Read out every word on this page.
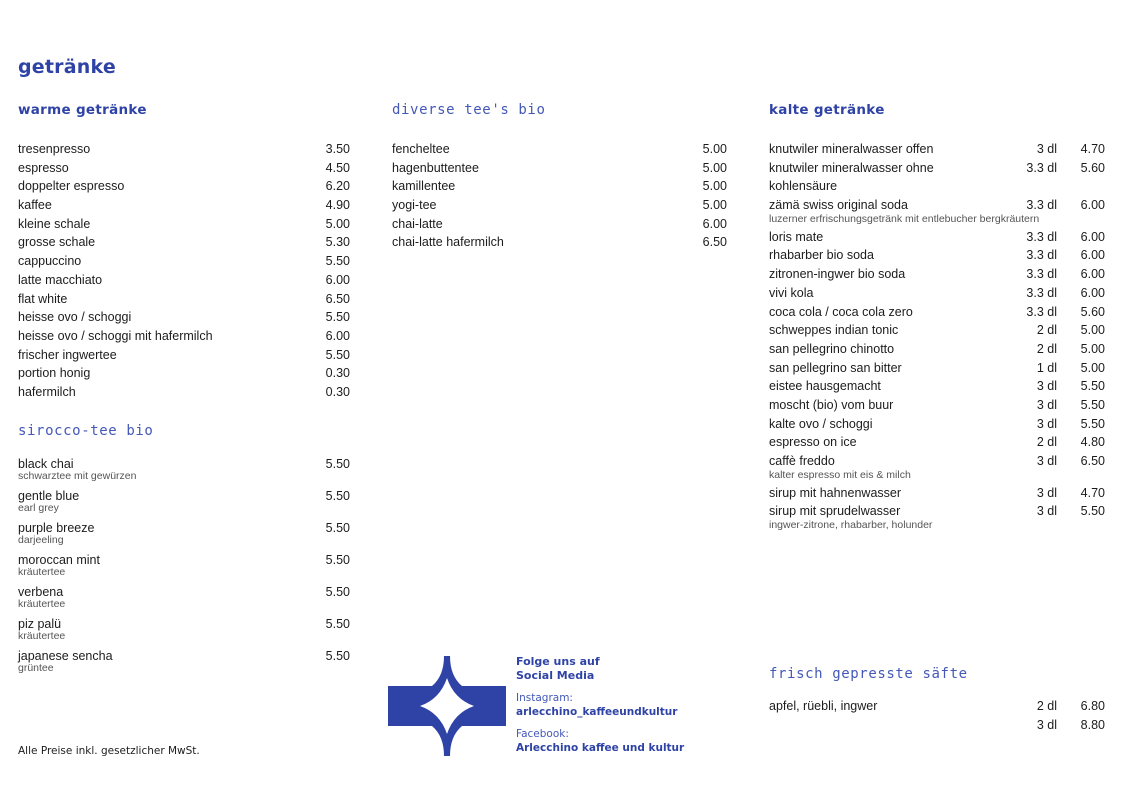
getränke
warme getränke
tresenpresso	3.50
espresso	4.50
doppelter espresso	6.20
kaffee	4.90
kleine schale	5.00
grosse schale	5.30
cappuccino	5.50
latte macchiato	6.00
flat white	6.50
heisse ovo / schoggi	5.50
heisse ovo / schoggi mit hafermilch	6.00
frischer ingwertee	5.50
portion honig	0.30
hafermilch	0.30
sirocco-tee bio
black chai	5.50
schwarztee mit gewürzen
gentle blue	5.50
earl grey
purple breeze	5.50
darjeeling
moroccan mint	5.50
kräutertee
verbena	5.50
kräutertee
piz palü	5.50
kräutertee
japanese sencha	5.50
grüntee
diverse tee's bio
fencheltee	5.00
hagenbuttentee	5.00
kamillentee	5.00
yogi-tee	5.00
chai-latte	6.00
chai-latte hafermilch	6.50
kalte getränke
knutwiler mineralwasser offen	3 dl	4.70
knutwiler mineralwasser ohne	3.3 dl	5.60
kohlensäure
zämä swiss original soda	3.3 dl	6.00
luzerner erfrischungsgetränk mit entlebucher bergkräutern
loris mate	3.3 dl	6.00
rhabarber bio soda	3.3 dl	6.00
zitronen-ingwer bio soda	3.3 dl	6.00
vivi kola	3.3 dl	6.00
coca cola / coca cola zero	3.3 dl	5.60
schweppes indian tonic	2 dl	5.00
san pellegrino chinotto	2 dl	5.00
san pellegrino san bitter	1 dl	5.00
eistee hausgemacht	3 dl	5.50
moscht (bio) vom buur	3 dl	5.50
kalte ovo / schoggi	3 dl	5.50
espresso on ice	2 dl	4.80
caffè freddo	3 dl	6.50
kalter espresso mit eis & milch
sirup mit hahnenwasser	3 dl	4.70
sirup mit sprudelwasser	3 dl	5.50
ingwer-zitrone, rhabarber, holunder
frisch gepresste säfte
apfel, rüebli, ingwer	2 dl	6.80
3 dl	8.80
Folge uns auf
Social Media
Instagram:
arlecchino_kaffeeundkultur
Facebook:
Arlecchino kaffee und kultur
Alle Preise inkl. gesetzlicher MwSt.
